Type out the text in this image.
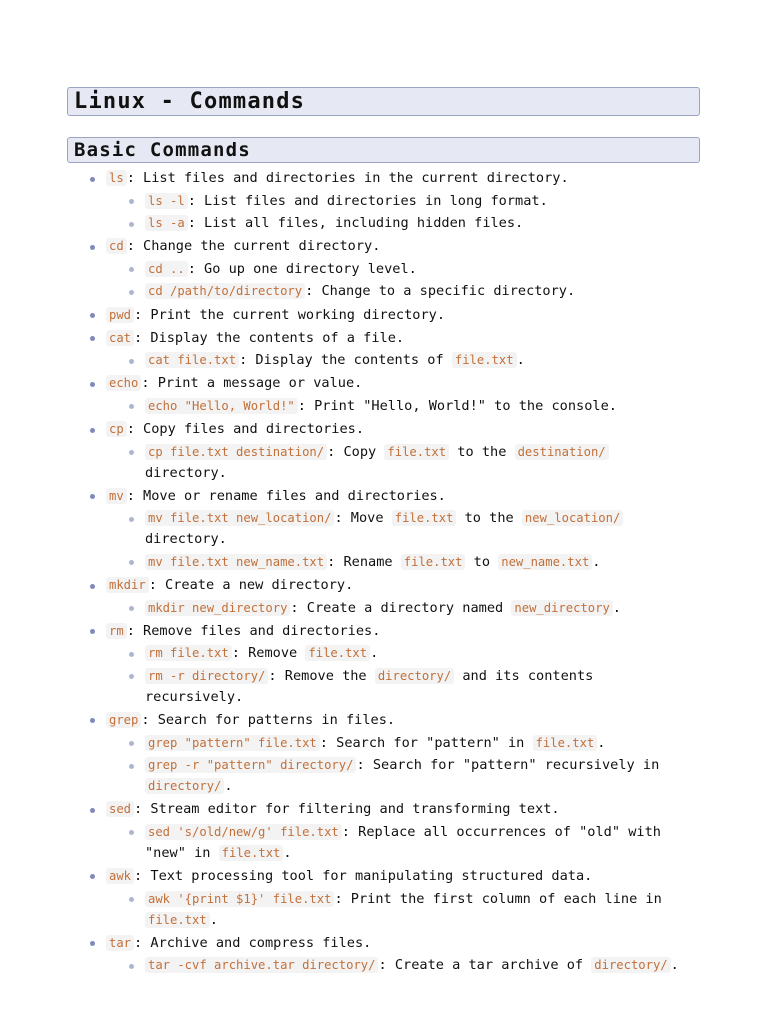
Linux - Commands
Basic Commands
ls : List files and directories in the current directory.
ls -l : List files and directories in long format.
ls -a : List all files, including hidden files.
cd : Change the current directory.
cd .. : Go up one directory level.
cd /path/to/directory : Change to a specific directory.
pwd : Print the current working directory.
cat : Display the contents of a file.
cat file.txt : Display the contents of file.txt .
echo : Print a message or value.
echo "Hello, World!" : Print "Hello, World!" to the console.
cp : Copy files and directories.
cp file.txt destination/ : Copy file.txt to the destination/ directory.
mv : Move or rename files and directories.
mv file.txt new_location/ : Move file.txt to the new_location/ directory.
mv file.txt new_name.txt : Rename file.txt to new_name.txt .
mkdir : Create a new directory.
mkdir new_directory : Create a directory named new_directory .
rm : Remove files and directories.
rm file.txt : Remove file.txt .
rm -r directory/ : Remove the directory/ and its contents recursively.
grep : Search for patterns in files.
grep "pattern" file.txt : Search for "pattern" in file.txt .
grep -r "pattern" directory/ : Search for "pattern" recursively in directory/ .
sed : Stream editor for filtering and transforming text.
sed 's/old/new/g' file.txt : Replace all occurrences of "old" with "new" in file.txt .
awk : Text processing tool for manipulating structured data.
awk '{print $1}' file.txt : Print the first column of each line in file.txt .
tar : Archive and compress files.
tar -cvf archive.tar directory/ : Create a tar archive of directory/ .
